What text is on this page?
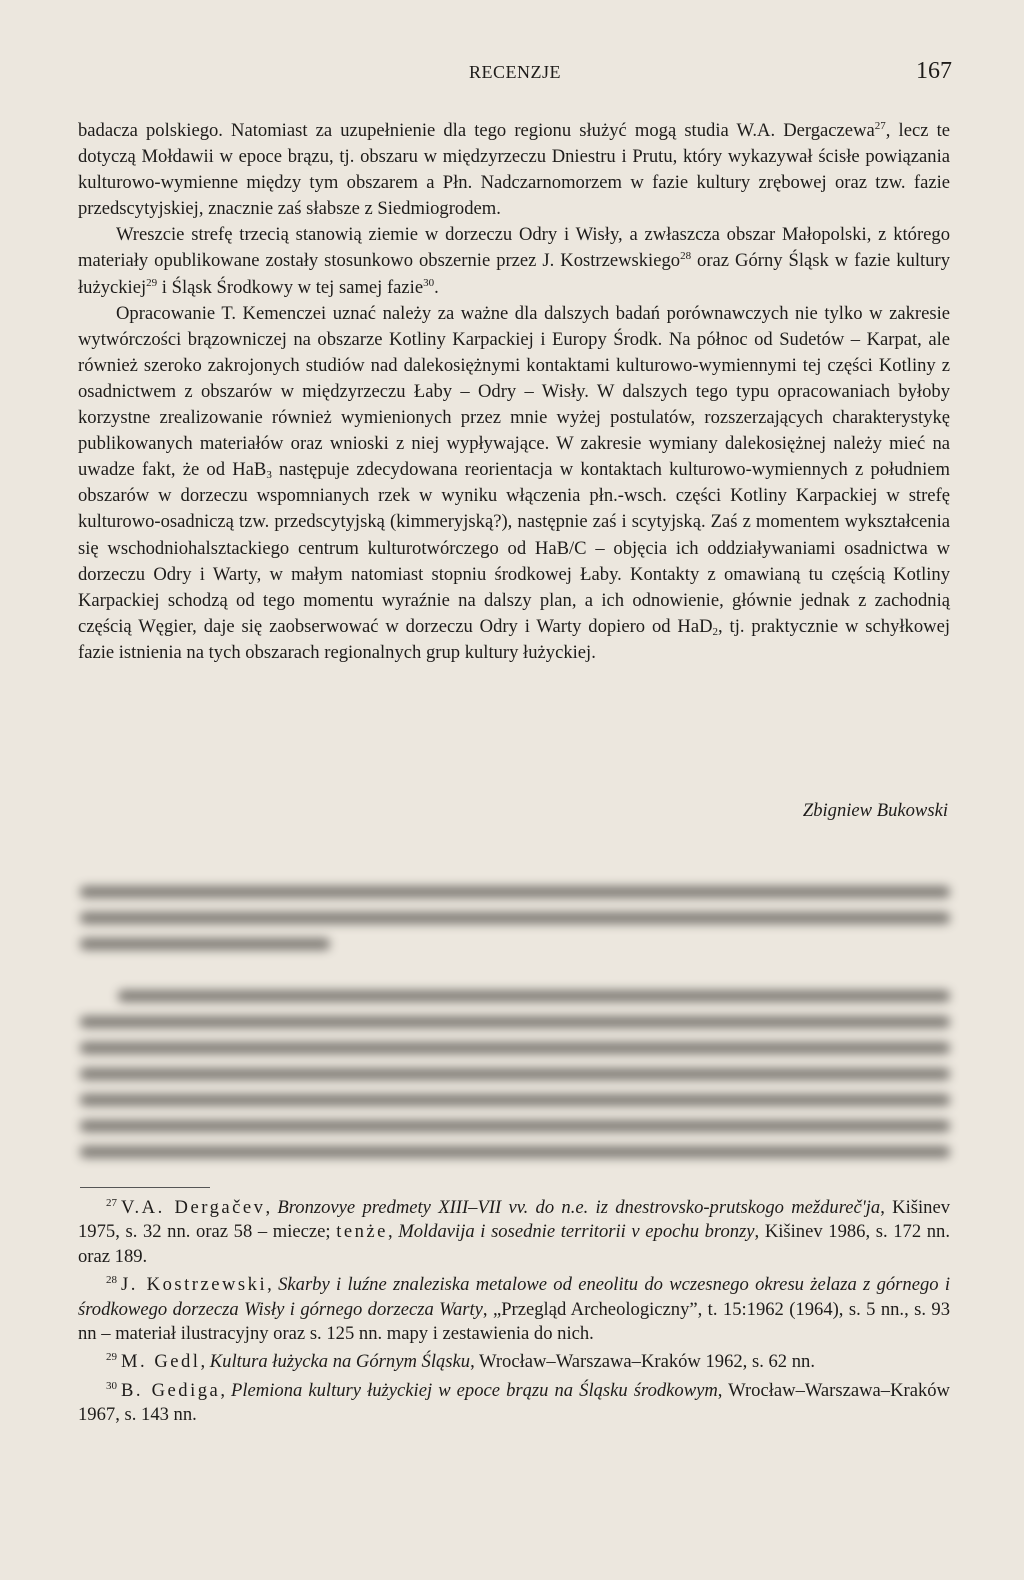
RECENZJE	167

badacza polskiego. Natomiast za uzupełnienie dla tego regionu służyć mogą studia W.A. Dergaczewa$^{27}$, lecz te dotyczą Mołdawii w epoce brązu, tj. obszaru w międzyrzeczu Dniestru i Prutu, który wykazywał ścisłe powiązania kulturowo-wymienne między tym obszarem a Płn. Nadczarnomorzem w fazie kultury zrębowej oraz tzw. fazie przedscytyjskiej, znacznie zaś słabsze z Siedmiogrodem.

Wreszcie strefę trzecią stanowią ziemie w dorzeczu Odry i Wisły, a zwłaszcza obszar Małopolski, z którego materiały opublikowane zostały stosunkowo obszernie przez J. Kostrzewskiego$^{28}$ oraz Górny Śląsk w fazie kultury łużyckiej$^{29}$ i Śląsk Środkowy w tej samej fazie$^{30}$.

Opracowanie T. Kemenczei uznać należy za ważne dla dalszych badań porównawczych nie tylko w zakresie wytwórczości brązowniczej na obszarze Kotliny Karpackiej i Europy Środk. Na północ od Sudetów – Karpat, ale również szeroko zakrojonych studiów nad dalekosiężnymi kontaktami kulturowo-wymiennymi tej części Kotliny z osadnictwem z obszarów w międzyrzeczu Łaby – Odry – Wisły. W dalszych tego typu opracowaniach byłoby korzystne zrealizowanie również wymienionych przez mnie wyżej postulatów, rozszerzających charakterystykę publikowanych materiałów oraz wnioski z niej wypływające. W zakresie wymiany dalekosiężnej należy mieć na uwadze fakt, że od HaB$_3$ następuje zdecydowana reorientacja w kontaktach kulturowo-wymiennych z południem obszarów w dorzeczu wspomnianych rzek w wyniku włączenia płn.-wsch. części Kotliny Karpackiej w strefę kulturowo-osadniczą tzw. przedscytyjską (kimmeryjską?), następnie zaś i scytyjską. Zaś z momentem wykształcenia się wschodniohalsztackiego centrum kulturotwórczego od HaB/C – objęcia ich oddziaływaniami osadnictwa w dorzeczu Odry i Warty, w małym natomiast stopniu środkowej Łaby. Kontakty z omawianą tu częścią Kotliny Karpackiej schodzą od tego momentu wyraźnie na dalszy plan, a ich odnowienie, głównie jednak z zachodnią częścią Węgier, daje się zaobserwować w dorzeczu Odry i Warty dopiero od HaD$_2$, tj. praktycznie w schyłkowej fazie istnienia na tych obszarach regionalnych grup kultury łużyckiej.

Zbigniew Bukowski

$^{27}$ V.A. Dergačev, Bronzovye predmety XIII–VII vv. do n.e. iz dnestrovsko-prutskogo meždureč'ja, Kišinev 1975, s. 32 nn. oraz 58 – miecze; tenże, Moldavija i sosednie territorii v epochu bronzy, Kišinev 1986, s. 172 nn. oraz 189.

$^{28}$ J. Kostrzewski, Skarby i luźne znaleziska metalowe od eneolitu do wczesnego okresu żelaza z górnego i środkowego dorzecza Wisły i górnego dorzecza Warty, „Przegląd Archeologiczny”, t. 15:1962 (1964), s. 5 nn., s. 93 nn – materiał ilustracyjny oraz s. 125 nn. mapy i zestawienia do nich.

$^{29}$ M. Gedl, Kultura łużycka na Górnym Śląsku, Wrocław–Warszawa–Kraków 1962, s. 62 nn.

$^{30}$ B. Gediga, Plemiona kultury łużyckiej w epoce brązu na Śląsku środkowym, Wrocław–Warszawa–Kraków 1967, s. 143 nn.
